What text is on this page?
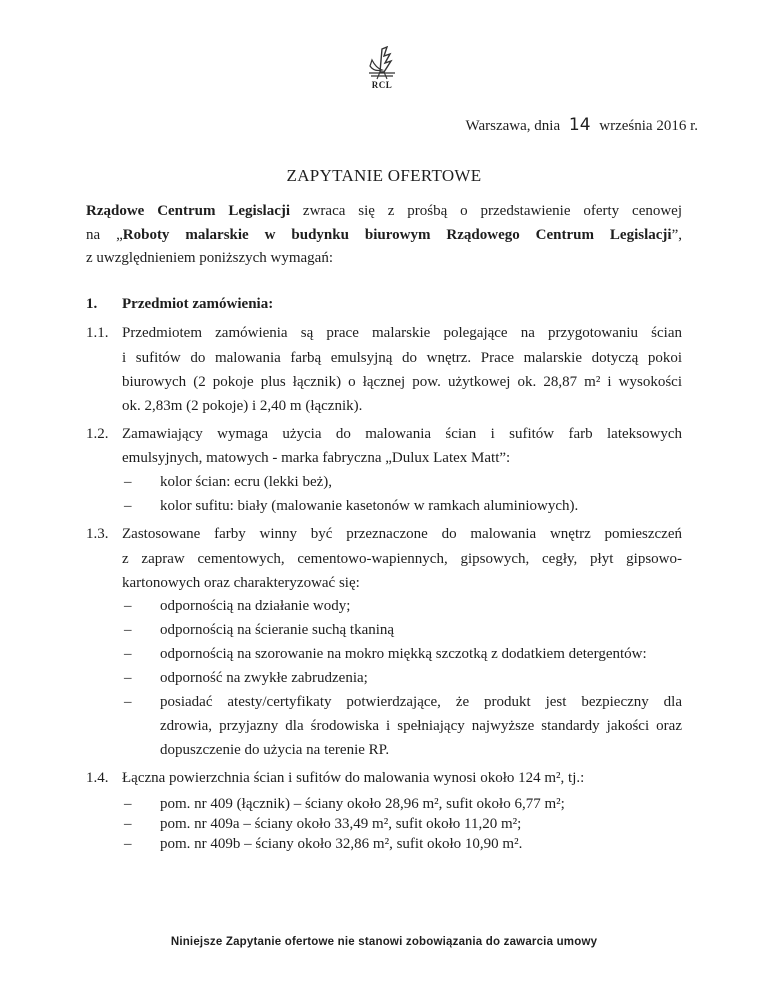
RCL
Warszawa, dnia 14 września 2016 r.
ZAPYTANIE OFERTOWE
Rządowe Centrum Legislacji zwraca się z prośbą o przedstawienie oferty cenowej
na „Roboty malarskie w budynku biurowym Rządowego Centrum Legislacji”,
z uwzględnieniem poniższych wymagań:
1. Przedmiot zamówienia:
1.1. Przedmiotem zamówienia są prace malarskie polegające na przygotowaniu ścian
i sufitów do malowania farbą emulsyjną do wnętrz. Prace malarskie dotyczą pokoi
biurowych (2 pokoje plus łącznik) o łącznej pow. użytkowej ok. 28,87 m² i wysokości
ok. 2,83m (2 pokoje) i 2,40 m (łącznik).
1.2. Zamawiający wymaga użycia do malowania ścian i sufitów farb lateksowych
emulsyjnych, matowych - marka fabryczna „Dulux Latex Matt”:
– kolor ścian: ecru (lekki beż),
– kolor sufitu: biały (malowanie kasetonów w ramkach aluminiowych).
1.3. Zastosowane farby winny być przeznaczone do malowania wnętrz pomieszczeń
z zapraw cementowych, cementowo-wapiennych, gipsowych, cegły, płyt gipsowo-
kartonowych oraz charakteryzować się:
– odpornością na działanie wody;
– odpornością na ścieranie suchą tkaniną
– odpornością na szorowanie na mokro miękką szczotką z dodatkiem detergentów:
– odporność na zwykłe zabrudzenia;
– posiadać atesty/certyfikaty potwierdzające, że produkt jest bezpieczny dla
zdrowia, przyjazny dla środowiska i spełniający najwyższe standardy jakości oraz
dopuszczenie do użycia na terenie RP.
1.4. Łączna powierzchnia ścian i sufitów do malowania wynosi około 124 m², tj.:
– pom. nr 409 (łącznik) – ściany około 28,96 m², sufit około 6,77 m²;
– pom. nr 409a – ściany około 33,49 m², sufit około 11,20 m²;
– pom. nr 409b – ściany około 32,86 m², sufit około 10,90 m².
Niniejsze Zapytanie ofertowe nie stanowi zobowiązania do zawarcia umowy
